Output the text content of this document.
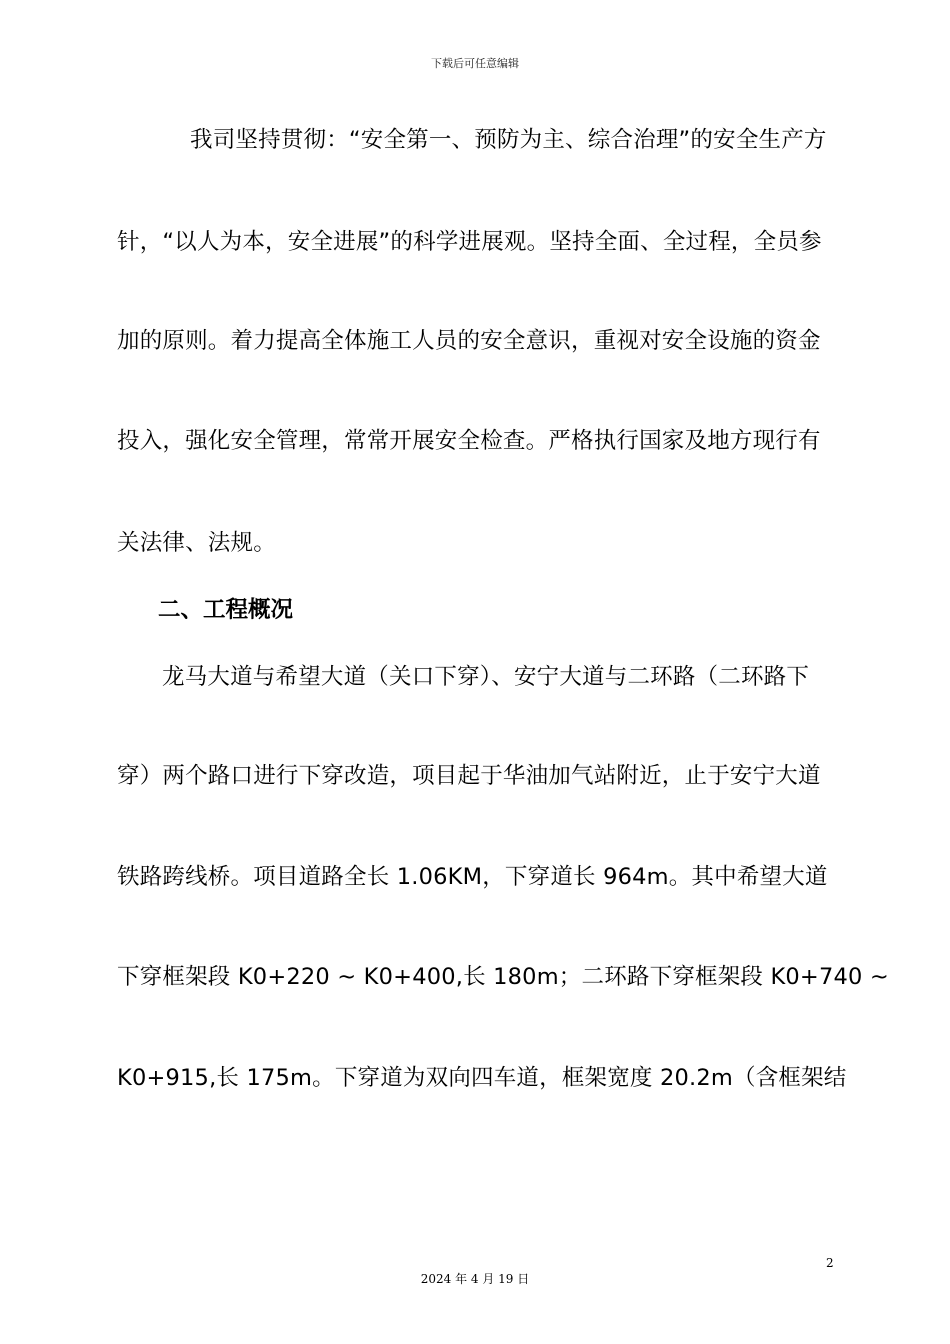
下载后可任意编辑
我司坚持贯彻：“安全第一、预防为主、综合治理”的安全生产方
针，“以人为本，安全进展”的科学进展观。坚持全面、全过程，全员参
加的原则。着力提高全体施工人员的安全意识，重视对安全设施的资金
投入，强化安全管理，常常开展安全检查。严格执行国家及地方现行有
关法律、法规。
二、工程概况
龙马大道与希望大道（关口下穿）、安宁大道与二环路（二环路下
穿）两个路口进行下穿改造，项目起于华油加气站附近，止于安宁大道
铁路跨线桥。项目道路全长 1.06KM，下穿道长 964m。其中希望大道
下穿框架段 K0+220 ~ K0+400,长 180m；二环路下穿框架段 K0+740 ~
K0+915,长 175m。下穿道为双向四车道，框架宽度 20.2m（含框架结
2
2024 年 4 月 19 日
